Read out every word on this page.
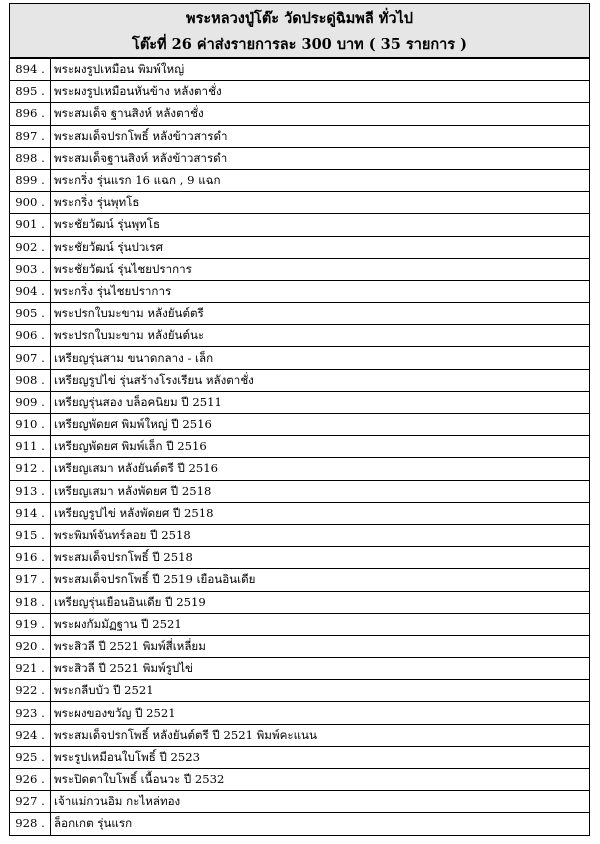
พระหลวงปู่โต๊ะ วัดประดู่ฉิมพลี ทั่วไป
โต๊ะที่ 26 ค่าส่งรายการละ 300 บาท ( 35 รายการ )
894 .	พระผงรูปเหมือน พิมพ์ใหญ่
895 .	พระผงรูปเหมือนหันข้าง หลังตาชั่ง
896 .	พระสมเด็จ ฐานสิงห์ หลังตาชั่ง
897 .	พระสมเด็จปรกโพธิ์ หลังข้าวสารดำ
898 .	พระสมเด็จฐานสิงห์ หลังข้าวสารดำ
899 .	พระกริ่ง รุ่นแรก 16 แฉก , 9 แฉก
900 .	พระกริ่ง รุ่นพุทโธ
901 .	พระชัยวัฒน์ รุ่นพุทโธ
902 .	พระชัยวัฒน์ รุ่นปวเรศ
903 .	พระชัยวัฒน์ รุ่นไชยปราการ
904 .	พระกริ่ง รุ่นไชยปราการ
905 .	พระปรกใบมะขาม หลังยันต์ตรี
906 .	พระปรกใบมะขาม หลังยันต์นะ
907 .	เหรียญรุ่นสาม ขนาดกลาง - เล็ก
908 .	เหรียญรูปไข่ รุ่นสร้างโรงเรียน หลังตาชั่ง
909 .	เหรียญรุ่นสอง บล็อคนิยม ปี 2511
910 .	เหรียญพัดยศ พิมพ์ใหญ่ ปี 2516
911 .	เหรียญพัดยศ พิมพ์เล็ก ปี 2516
912 .	เหรียญเสมา หลังยันต์ตรี ปี 2516
913 .	เหรียญเสมา หลังพัดยศ ปี 2518
914 .	เหรียญรูปไข่ หลังพัดยศ ปี 2518
915 .	พระพิมพ์จันทร์ลอย ปี 2518
916 .	พระสมเด็จปรกโพธิ์ ปี 2518
917 .	พระสมเด็จปรกโพธิ์ ปี 2519 เยือนอินเดีย
918 .	เหรียญรุ่นเยือนอินเดีย ปี 2519
919 .	พระผงกัมมัฏฐาน ปี 2521
920 .	พระสิวลี ปี 2521 พิมพ์สี่เหลี่ยม
921 .	พระสิวลี ปี 2521 พิมพ์รูปไข่
922 .	พระกลีบบัว ปี 2521
923 .	พระผงของขวัญ ปี 2521
924 .	พระสมเด็จปรกโพธิ์ หลังยันต์ตรี ปี 2521 พิมพ์คะแนน
925 .	พระรูปเหมือนใบโพธิ์ ปี 2523
926 .	พระปิดตาใบโพธิ์ เนื้อนวะ ปี 2532
927 .	เจ้าแม่กวนอิม กะไหล่ทอง
928 .	ล็อกเกต รุ่นแรก
